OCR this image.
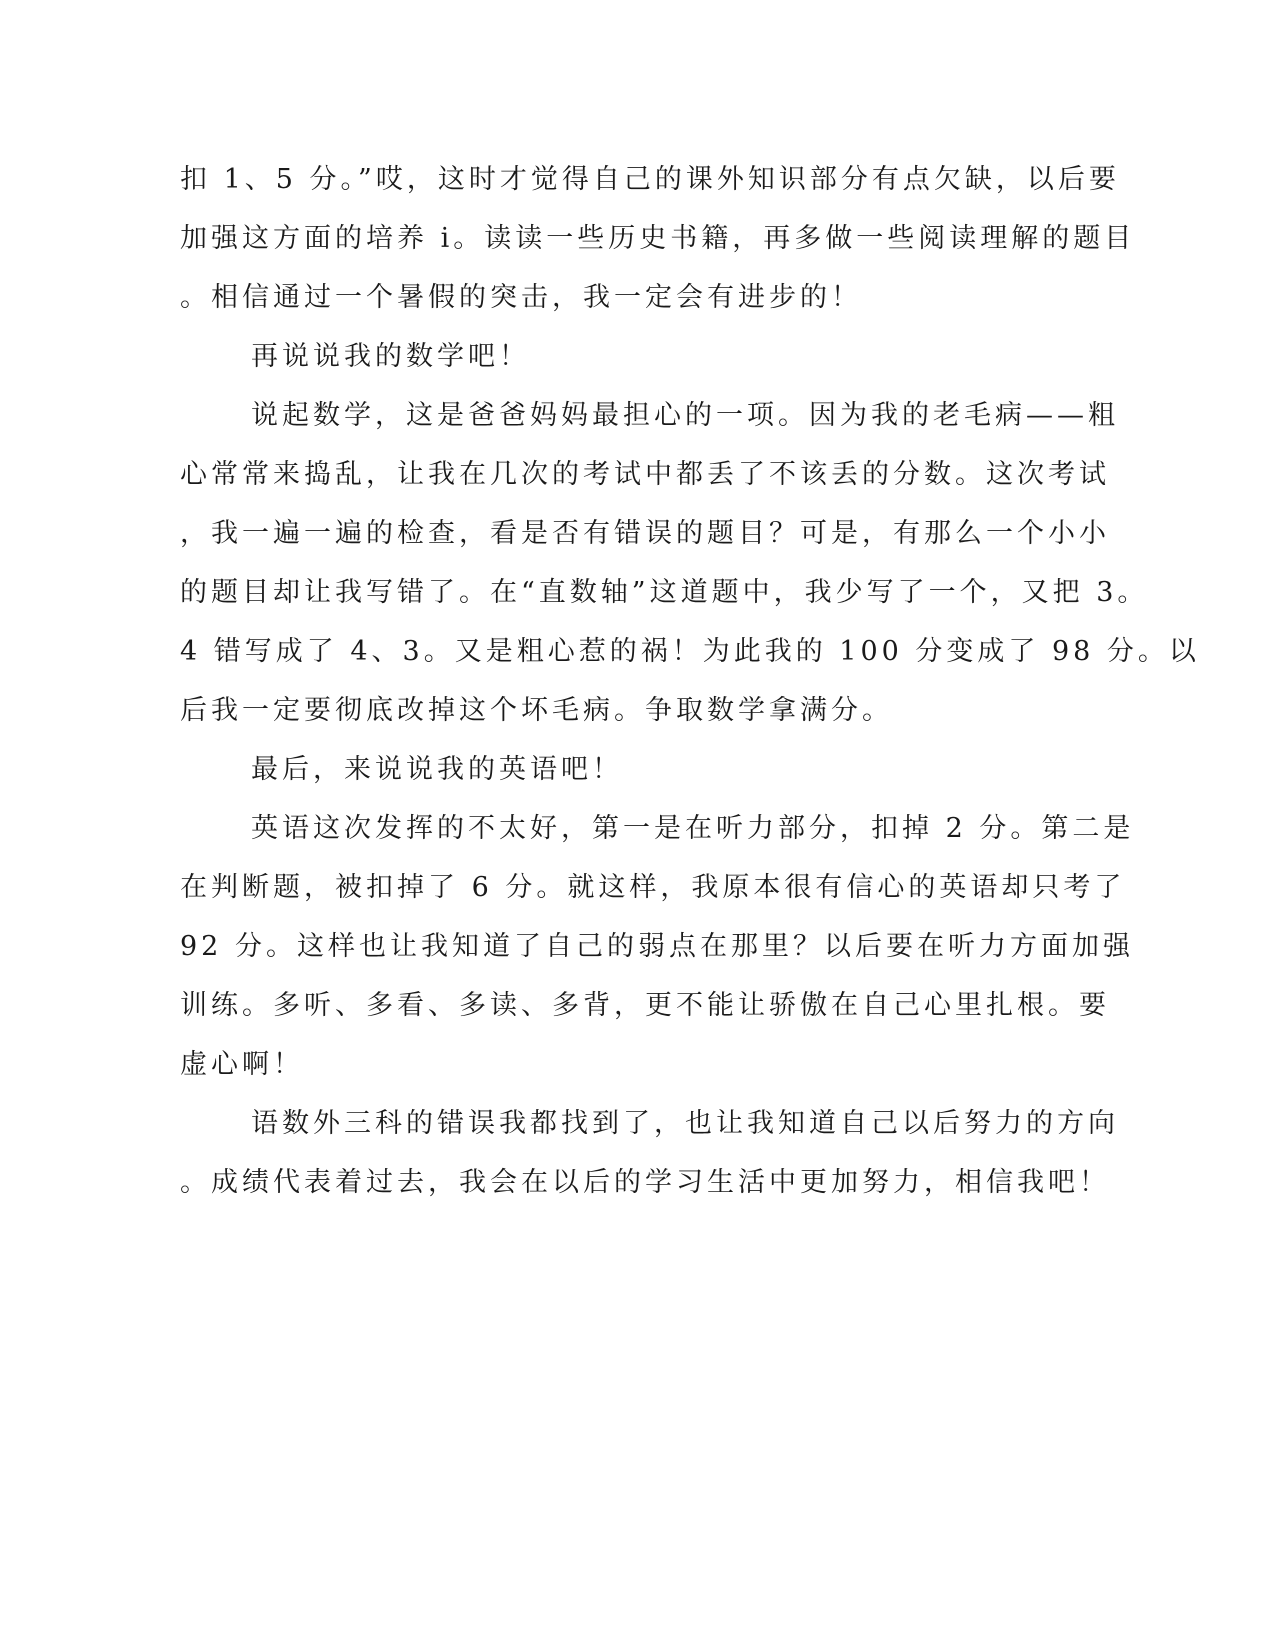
扣 1、5 分。”哎，这时才觉得自己的课外知识部分有点欠缺，以后要
加强这方面的培养 i。读读一些历史书籍，再多做一些阅读理解的题目
。相信通过一个暑假的突击，我一定会有进步的！
再说说我的数学吧！
说起数学，这是爸爸妈妈最担心的一项。因为我的老毛病——粗
心常常来捣乱，让我在几次的考试中都丢了不该丢的分数。这次考试
，我一遍一遍的检查，看是否有错误的题目？可是，有那么一个小小
的题目却让我写错了。在“直数轴”这道题中，我少写了一个，又把 3。
4 错写成了 4、3。又是粗心惹的祸！为此我的 100 分变成了 98 分。以
后我一定要彻底改掉这个坏毛病。争取数学拿满分。
最后，来说说我的英语吧！
英语这次发挥的不太好，第一是在听力部分，扣掉 2 分。第二是
在判断题，被扣掉了 6 分。就这样，我原本很有信心的英语却只考了
92 分。这样也让我知道了自己的弱点在那里？以后要在听力方面加强
训练。多听、多看、多读、多背，更不能让骄傲在自己心里扎根。要
虚心啊！
语数外三科的错误我都找到了，也让我知道自己以后努力的方向
。成绩代表着过去，我会在以后的学习生活中更加努力，相信我吧！
